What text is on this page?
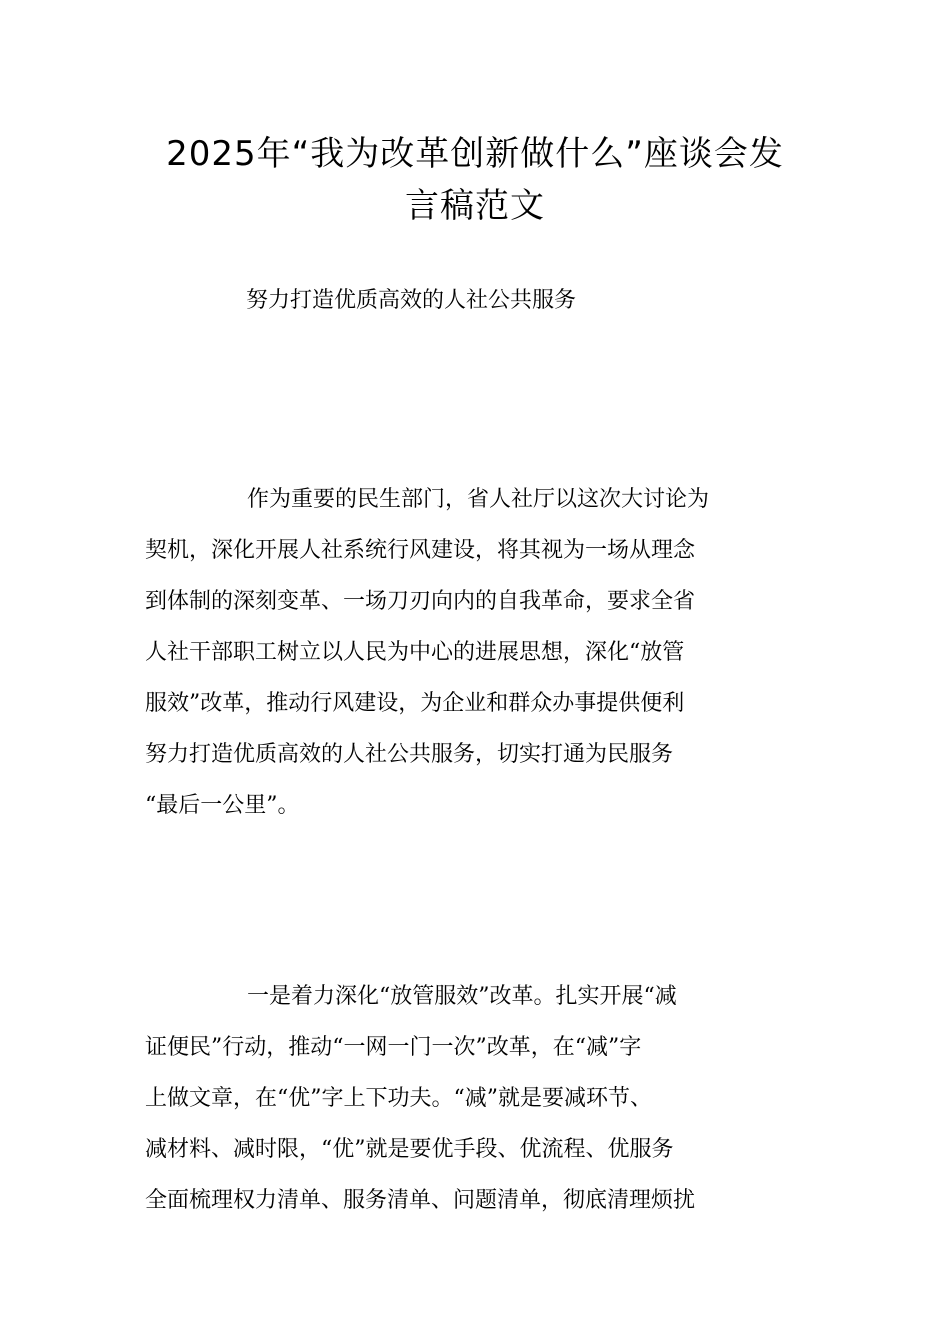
2025年“我为改革创新做什么”座谈会发
言稿范文
努力打造优质高效的人社公共服务
作为重要的民生部门，省人社厅以这次大讨论为
契机，深化开展人社系统行风建设，将其视为一场从理念
到体制的深刻变革、一场刀刃向内的自我革命，要求全省
人社干部职工树立以人民为中心的进展思想，深化“放管
服效”改革，推动行风建设，为企业和群众办事提供便利
努力打造优质高效的人社公共服务，切实打通为民服务
“最后一公里”。
一是着力深化“放管服效”改革。扎实开展“减
证便民”行动，推动“一网一门一次”改革，在“减”字
上做文章，在“优”字上下功夫。“减”就是要减环节、
减材料、减时限，“优”就是要优手段、优流程、优服务
全面梳理权力清单、服务清单、问题清单，彻底清理烦扰
